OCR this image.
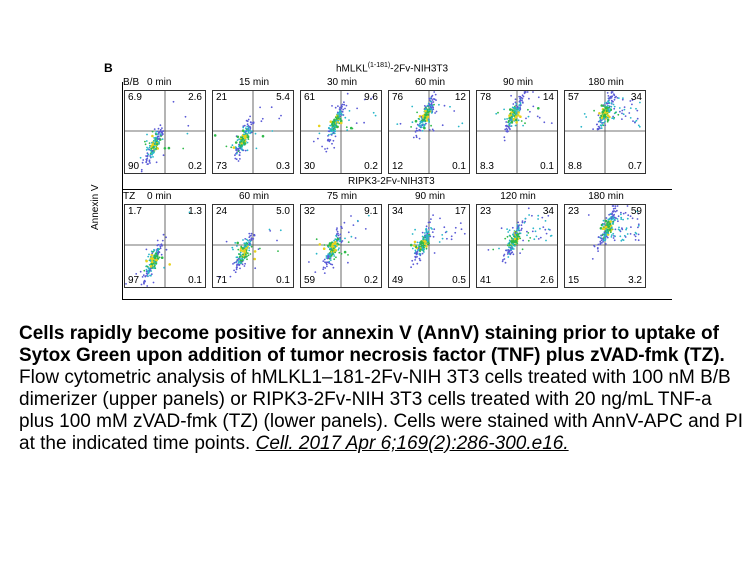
B	hMLKL$^{(1-181)}$-2Fv-NIH3T3
RIPK3-2Fv-NIH3T3
Annexin V
B/B 0 min
6.9	2.6
90	0.2
15 min
21	5.4
73	0.3
30 min
61	9.6
30	0.2
60 min
76	12
12	0.1
90 min
78	14
8.3	0.1
180 min
57	34
8.8	0.7
TZ 0 min
1.7	1.3
97	0.1
60 min
24	5.0
71	0.1
75 min
32	9.1
59	0.2
90 min
34	17
49	0.5
120 min
23	34
41	2.6
180 min
23	59
15	3.2
Cells rapidly become positive for annexin V (AnnV) staining prior to uptake of Sytox Green upon addition of tumor necrosis factor (TNF) plus zVAD-fmk (TZ).
Flow cytometric analysis of hMLKL1–181-2Fv-NIH 3T3 cells treated with 100 nM B/B dimerizer (upper panels) or RIPK3-2Fv-NIH 3T3 cells treated with 20 ng/mL TNF-a plus 100 mM zVAD-fmk (TZ) (lower panels). Cells were stained with AnnV-APC and PI at the indicated time points. Cell. 2017 Apr 6;169(2):286-300.e16.
